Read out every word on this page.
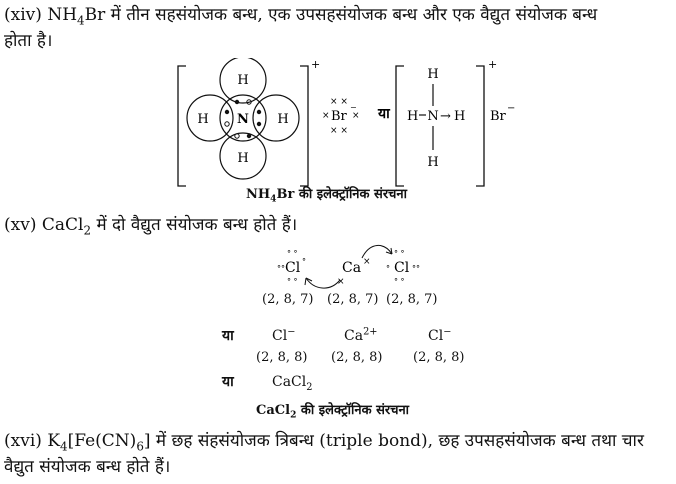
(xiv) $NH_4Br$ में तीन सहसंयोजक बन्ध, एक उपसहसंयोजक बन्ध और एक वैद्युत संयोजक बन्ध
होता है।
+
H
H N H
H
× ×
× Br
−
×
× ×
या
+
H
H N → H
H
Br
−
$NH_4Br$ की इलेक्ट्रॉनिक संरचना
(xv) CaCl$_2$ में दो वैद्युत संयोजक बन्ध होते हैं।
° °
°° Cl °
° °
Ca ×
×
° °
° Cl °°
° °
(2, 8, 7) (2, 8, 7) (2, 8, 7)
या	Cl−	$Ca^{2+}$	Cl−
(2, 8, 8) (2, 8, 8) (2, 8, 8)
या	CaCl$_2$
CaCl$_2$ की इलेक्ट्रॉनिक संरचना
(xvi) $K_4[Fe(CN)_6]$ में छह संहसंयोजक त्रिबन्ध (triple bond), छह उपसहसंयोजक बन्ध तथा चार
वैद्युत संयोजक बन्ध होते हैं।
